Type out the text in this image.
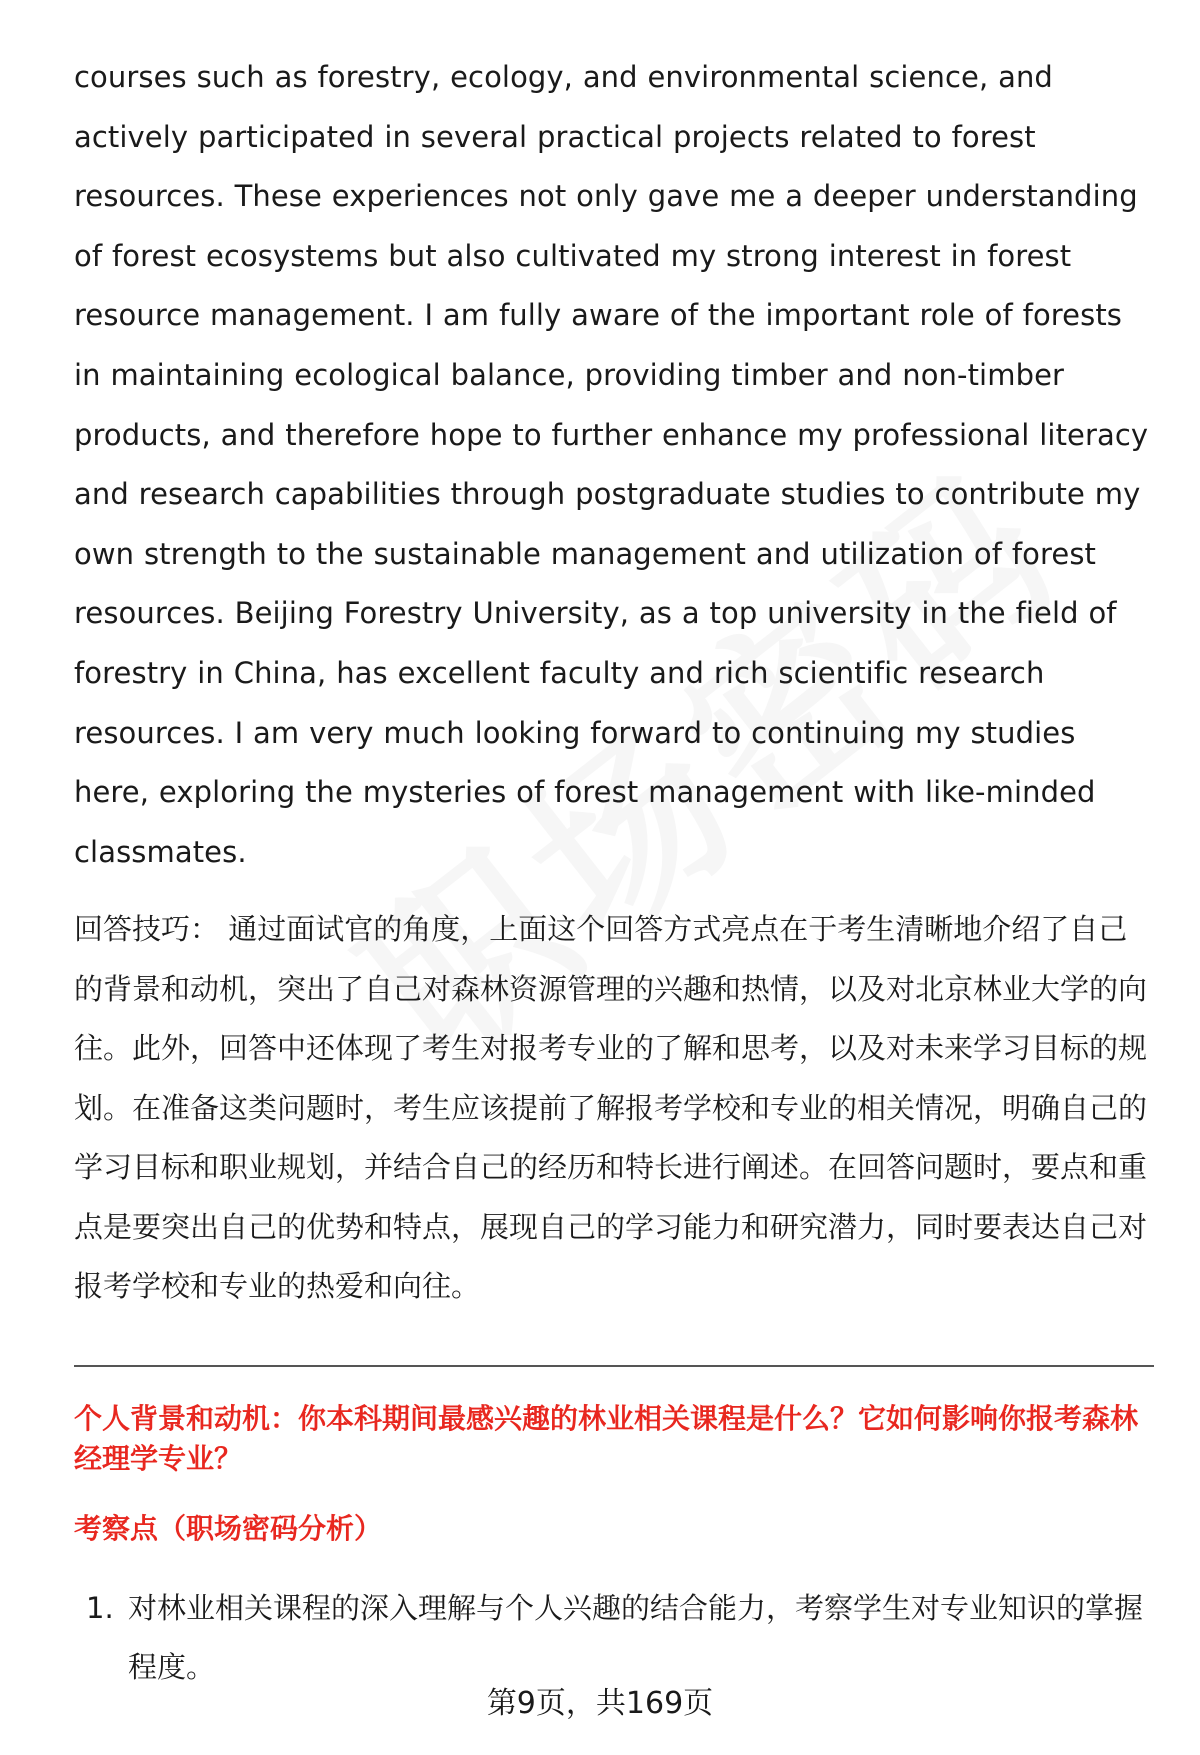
courses such as forestry, ecology, and environmental science, and actively participated in several practical projects related to forest resources. These experiences not only gave me a deeper understanding of forest ecosystems but also cultivated my strong interest in forest resource management. I am fully aware of the important role of forests in maintaining ecological balance, providing timber and non-timber products, and therefore hope to further enhance my professional literacy and research capabilities through postgraduate studies to contribute my own strength to the sustainable management and utilization of forest resources. Beijing Forestry University, as a top university in the field of forestry in China, has excellent faculty and rich scientific research resources. I am very much looking forward to continuing my studies here, exploring the mysteries of forest management with like-minded classmates.

回答技巧： 通过面试官的角度，上面这个回答方式亮点在于考生清晰地介绍了自己的背景和动机，突出了自己对森林资源管理的兴趣和热情，以及对北京林业大学的向往。此外，回答中还体现了考生对报考专业的了解和思考，以及对未来学习目标的规划。在准备这类问题时，考生应该提前了解报考学校和专业的相关情况，明确自己的学习目标和职业规划，并结合自己的经历和特长进行阐述。在回答问题时，要点和重点是要突出自己的优势和特点，展现自己的学习能力和研究潜力，同时要表达自己对报考学校和专业的热爱和向往。

个人背景和动机：你本科期间最感兴趣的林业相关课程是什么？它如何影响你报考森林经理学专业？

考察点（职场密码分析）

1. 对林业相关课程的深入理解与个人兴趣的结合能力，考察学生对专业知识的掌握程度。
第9页，共169页
